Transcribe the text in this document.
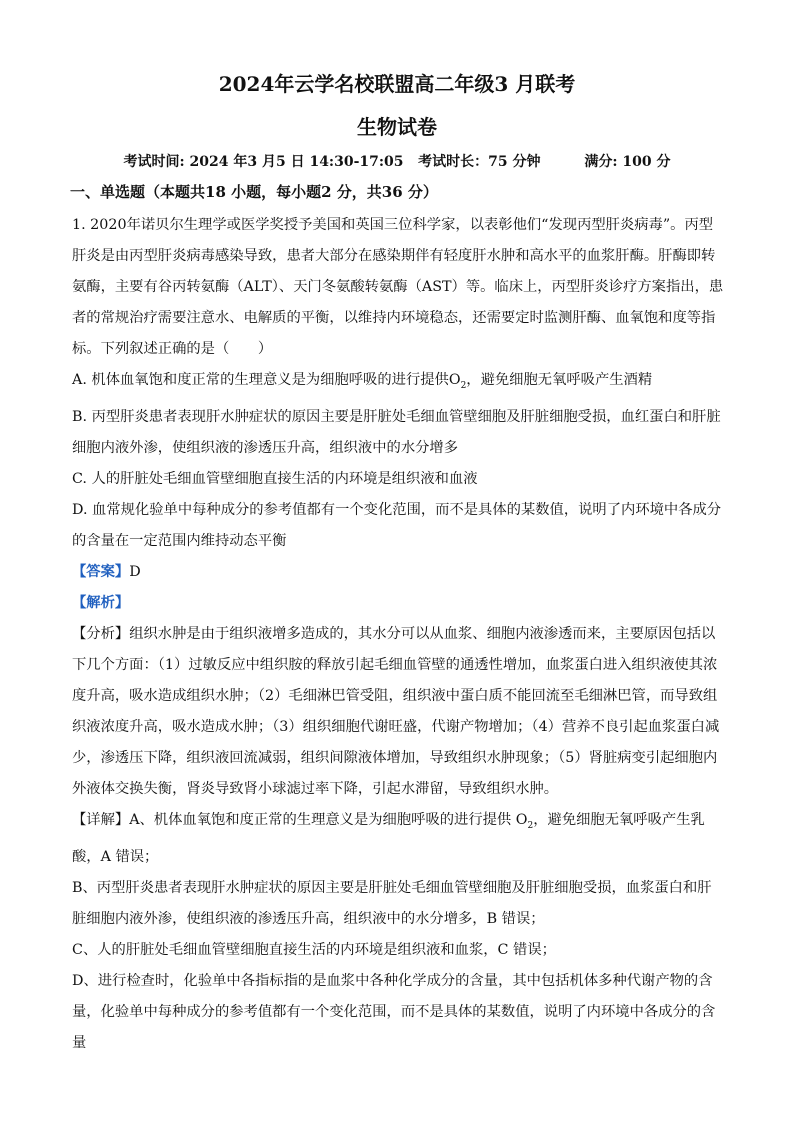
2024年云学名校联盟高二年级3 月联考
生物试卷
考试时间: 2024 年3 月5 日 14:30-17:05   考试时长：75 分钟         满分: 100 分
一、单选题（本题共18 小题，每小题2 分，共36 分）

1. 2020年诺贝尔生理学或医学奖授予美国和英国三位科学家，以表彰他们“发现丙型肝炎病毒”。丙型肝炎是由丙型肝炎病毒感染导致，患者大部分在感染期伴有轻度肝水肿和高水平的血浆肝酶。肝酶即转氨酶，主要有谷丙转氨酶（ALT）、天门冬氨酸转氨酶（AST）等。临床上，丙型肝炎诊疗方案指出，患者的常规治疗需要注意水、电解质的平衡，以维持内环境稳态，还需要定时监测肝酶、血氧饱和度等指标。下列叙述正确的是（　　）

A. 机体血氧饱和度正常的生理意义是为细胞呼吸的进行提供$O_2$，避免细胞无氧呼吸产生酒精

B. 丙型肝炎患者表现肝水肿症状的原因主要是肝脏处毛细血管壁细胞及肝脏细胞受损，血红蛋白和肝脏细胞内液外渗，使组织液的渗透压升高，组织液中的水分增多

C. 人的肝脏处毛细血管壁细胞直接生活的内环境是组织液和血液

D. 血常规化验单中每种成分的参考值都有一个变化范围，而不是具体的某数值，说明了内环境中各成分的含量在一定范围内维持动态平衡

【答案】D

【解析】

【分析】组织水肿是由于组织液增多造成的，其水分可以从血浆、细胞内液渗透而来，主要原因包括以下几个方面：（1）过敏反应中组织胺的释放引起毛细血管壁的通透性增加，血浆蛋白进入组织液使其浓度升高，吸水造成组织水肿；（2）毛细淋巴管受阻，组织液中蛋白质不能回流至毛细淋巴管，而导致组织液浓度升高，吸水造成水肿；（3）组织细胞代谢旺盛，代谢产物增加；（4）营养不良引起血浆蛋白减少，渗透压下降，组织液回流减弱，组织间隙液体增加，导致组织水肿现象；（5）肾脏病变引起细胞内外液体交换失衡，肾炎导致肾小球滤过率下降，引起水滞留，导致组织水肿。

【详解】A、机体血氧饱和度正常的生理意义是为细胞呼吸的进行提供 $O_2$，避免细胞无氧呼吸产生乳酸，A 错误；

B、丙型肝炎患者表现肝水肿症状的原因主要是肝脏处毛细血管壁细胞及肝脏细胞受损，血浆蛋白和肝脏细胞内液外渗，使组织液的渗透压升高，组织液中的水分增多，B 错误；

C、人的肝脏处毛细血管壁细胞直接生活的内环境是组织液和血浆，C 错误；

D、进行检查时，化验单中各指标指的是血浆中各种化学成分的含量，其中包括机体多种代谢产物的含量，化验单中每种成分的参考值都有一个变化范围，而不是具体的某数值，说明了内环境中各成分的含量
